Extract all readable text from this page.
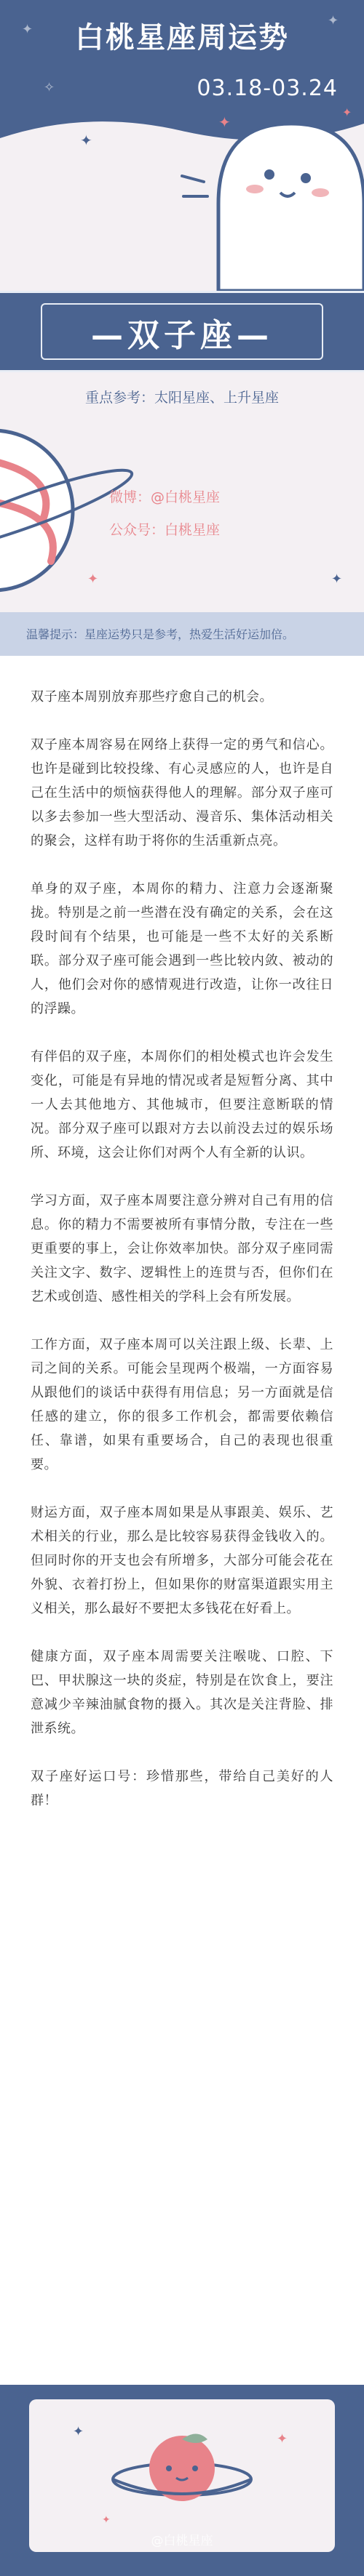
✦
✦
✧
白桃星座周运势
03.18-03.24
✦
✦
✦
—双子座—
重点参考：太阳星座、上升星座
✦	✦
微博：@白桃星座
公众号：白桃星座
温馨提示：星座运势只是参考，热爱生活好运加倍。

双子座本周别放弃那些疗愈自己的机会。

双子座本周容易在网络上获得一定的勇气和信心。也许是碰到比较投缘、有心灵感应的人，也许是自己在生活中的烦恼获得他人的理解。部分双子座可以多去参加一些大型活动、漫音乐、集体活动相关的聚会，这样有助于将你的生活重新点亮。

单身的双子座，本周你的精力、注意力会逐渐聚拢。特别是之前一些潜在没有确定的关系，会在这段时间有个结果，也可能是一些不太好的关系断联。部分双子座可能会遇到一些比较内敛、被动的人，他们会对你的感情观进行改造，让你一改往日的浮躁。

有伴侣的双子座，本周你们的相处模式也许会发生变化，可能是有异地的情况或者是短暂分离、其中一人去其他地方、其他城市，但要注意断联的情况。部分双子座可以跟对方去以前没去过的娱乐场所、环境，这会让你们对两个人有全新的认识。

学习方面，双子座本周要注意分辨对自己有用的信息。你的精力不需要被所有事情分散，专注在一些更重要的事上，会让你效率加快。部分双子座同需关注文字、数字、逻辑性上的连贯与否，但你们在艺术或创造、感性相关的学科上会有所发展。

工作方面，双子座本周可以关注跟上级、长辈、上司之间的关系。可能会呈现两个极端，一方面容易从跟他们的谈话中获得有用信息；另一方面就是信任感的建立，你的很多工作机会，都需要依赖信任、靠谱，如果有重要场合，自己的表现也很重要。

财运方面，双子座本周如果是从事跟美、娱乐、艺术相关的行业，那么是比较容易获得金钱收入的。但同时你的开支也会有所增多，大部分可能会花在外貌、衣着打扮上，但如果你的财富渠道跟实用主义相关，那么最好不要把太多钱花在好看上。

健康方面，双子座本周需要关注喉咙、口腔、下巴、甲状腺这一块的炎症，特别是在饮食上，要注意减少辛辣油腻食物的摄入。其次是关注背脸、排泄系统。

双子座好运口号：珍惜那些，带给自己美好的人群！

✦	✦
✦
@白桃星座
